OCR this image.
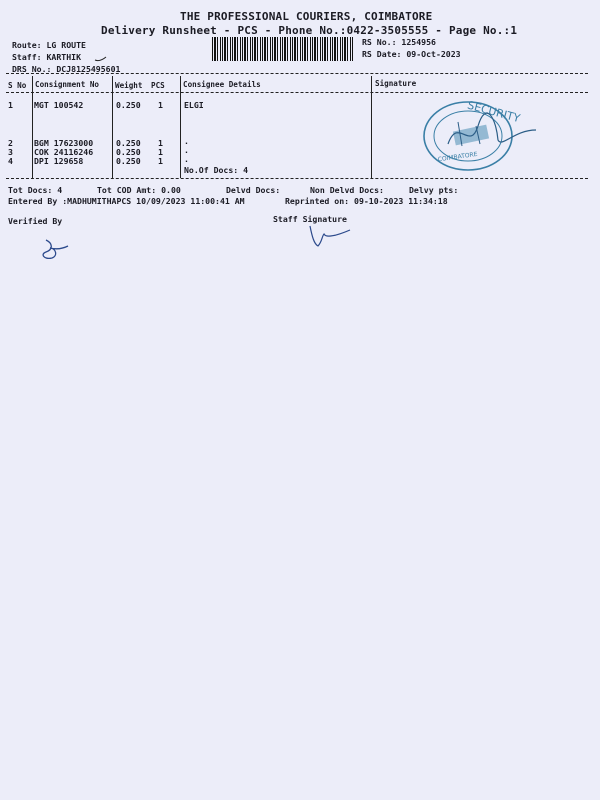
THE PROFESSIONAL COURIERS, COIMBATORE
Delivery Runsheet - PCS - Phone No.:0422-3505555 - Page No.:1
Route: LG ROUTE
Staff: KARTHIK
DRS No.: DCJ8125495601
RS No.: 1254956
RS Date: 09-Oct-2023
S No Consignment No Weight PCS Consignee Details	Signature
1	MGT 100542	0.250 1	ELGI
2	BGM 17623000	0.250 1	.
3	COK 24116246	0.250 1	.
4	DPI 129658	0.250 1	.
No.Of Docs: 4
SECURITY
COIMBATORE
Tot Docs: 4	Tot COD Amt: 0.00	Delvd Docs:	Non Delvd Docs:	Delvy pts:
Entered By :MADHUMITHAPCS 10/09/2023 11:00:41 AM	Reprinted on: 09-10-2023 11:34:18
Verified By	Staff Signature
